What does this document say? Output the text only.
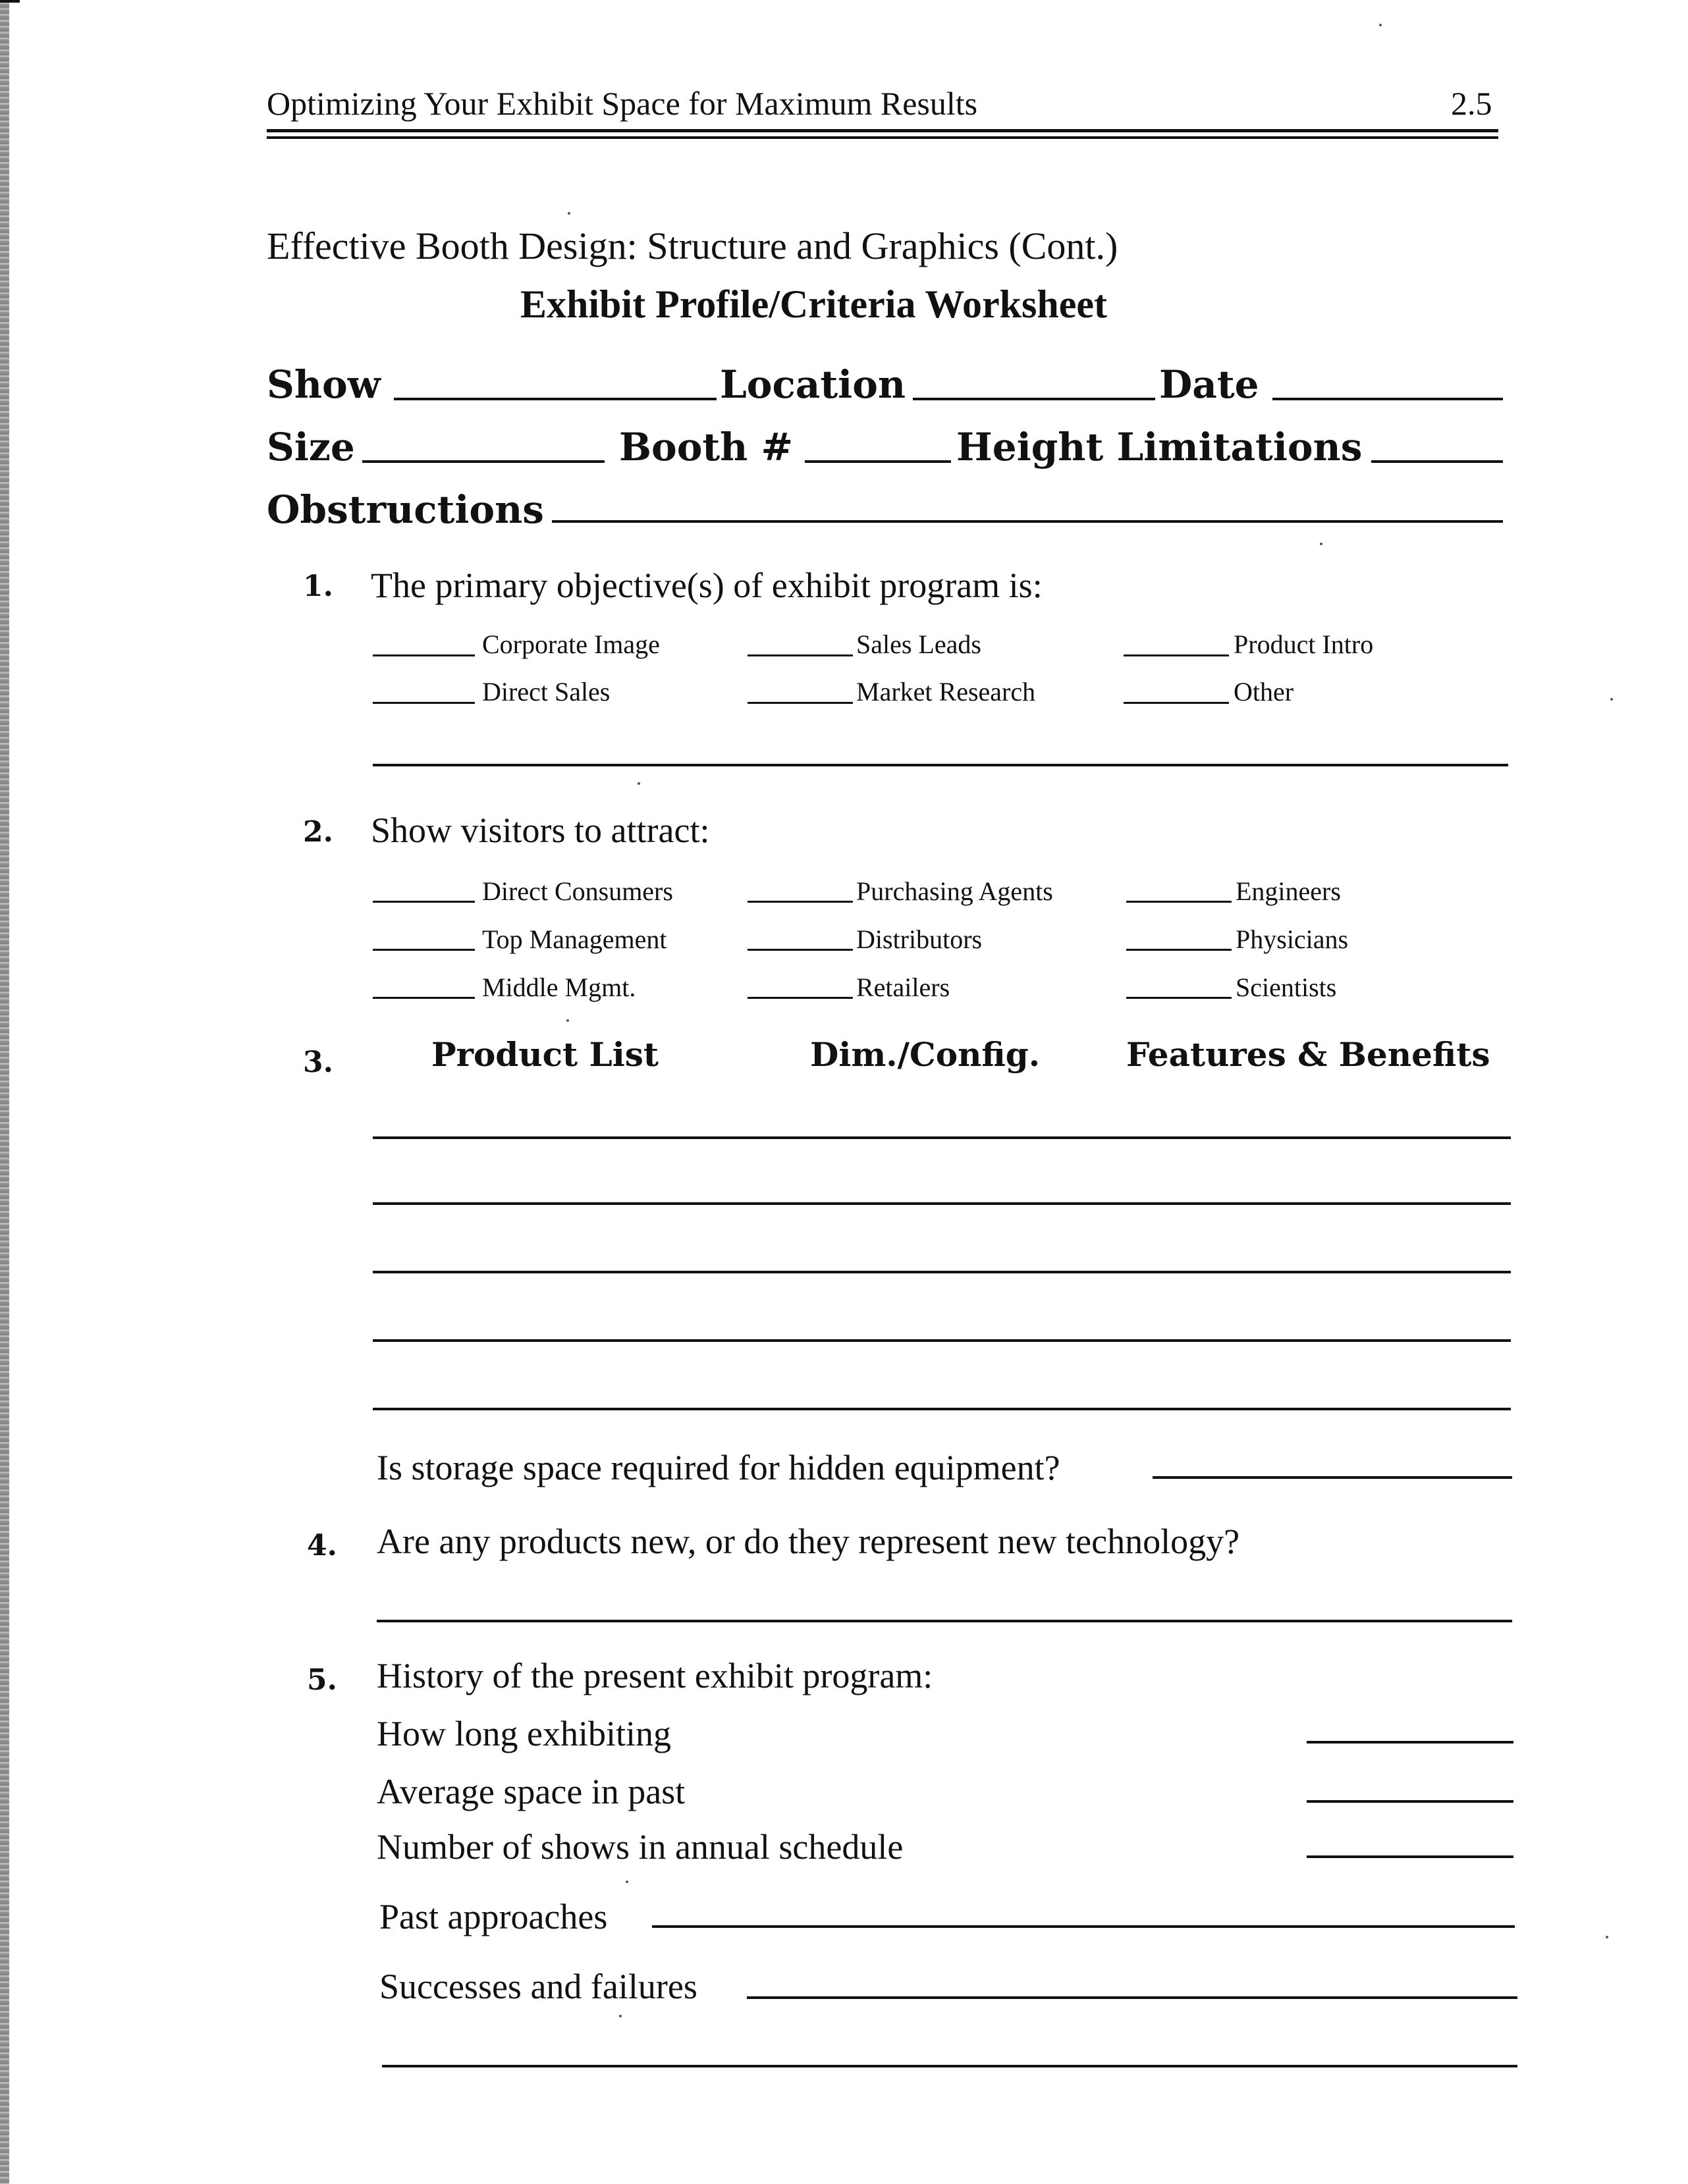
Optimizing Your Exhibit Space for Maximum Results	2.5
Effective Booth Design: Structure and Graphics (Cont.)
Exhibit Profile/Criteria Worksheet
Show	Location	Date
Size	Booth #	Height Limitations
Obstructions
1. The primary objective(s) of exhibit program is:
Corporate Image	Sales Leads	Product Intro
Direct Sales	Market Research	Other
2. Show visitors to attract:
Direct Consumers	Purchasing Agents	Engineers
Top Management	Distributors	Physicians
Middle Mgmt.	Retailers	Scientists
3.	Product List	Dim./Config.	Features & Benefits
Is storage space required for hidden equipment?
4. Are any products new, or do they represent new technology?
5. History of the present exhibit program:
How long exhibiting
Average space in past
Number of shows in annual schedule
Past approaches
Successes and failures
